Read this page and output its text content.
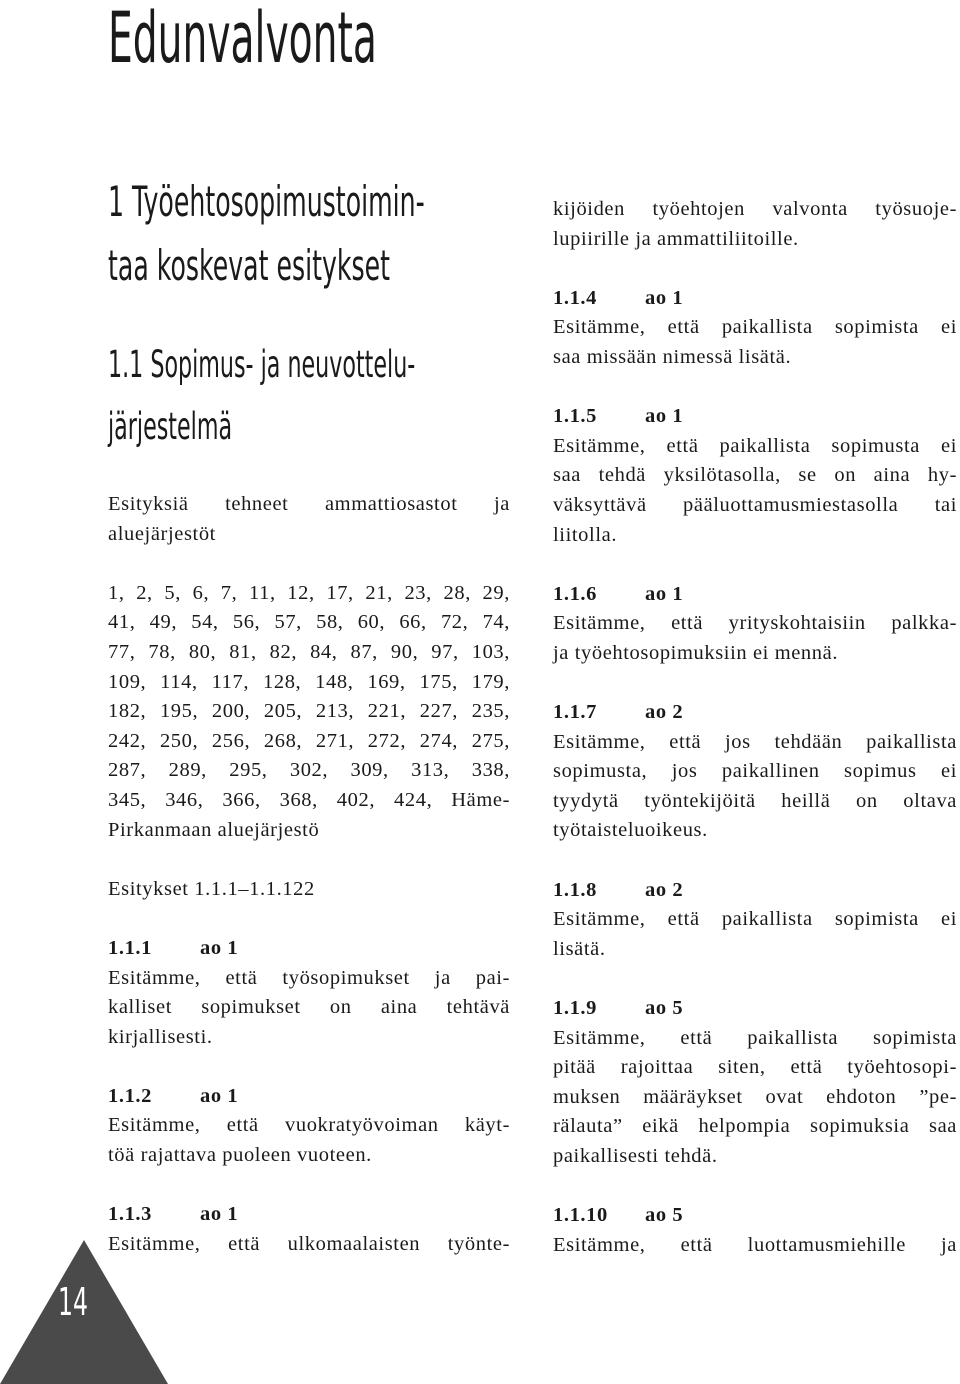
Edunvalvonta
1 Työehtosopimustoimin-
taa koskevat esitykset
1.1 Sopimus- ja neuvottelu-
järjestelmä
Esityksiä tehneet ammattiosastot ja
aluejärjestöt
1, 2, 5, 6, 7, 11, 12, 17, 21, 23, 28, 29,
41, 49, 54, 56, 57, 58, 60, 66, 72, 74,
77, 78, 80, 81, 82, 84, 87, 90, 97, 103,
109, 114, 117, 128, 148, 169, 175, 179,
182, 195, 200, 205, 213, 221, 227, 235,
242, 250, 256, 268, 271, 272, 274, 275,
287, 289, 295, 302, 309, 313, 338,
345, 346, 366, 368, 402, 424, Häme-
Pirkanmaan aluejärjestö
Esitykset 1.1.1–1.1.122
1.1.1 ao 1
Esitämme, että työsopimukset ja pai-
kalliset sopimukset on aina tehtävä
kirjallisesti.
1.1.2 ao 1
Esitämme, että vuokratyövoiman käyt-
töä rajattava puoleen vuoteen.
1.1.3 ao 1
Esitämme, että ulkomaalaisten työnte-
kijöiden työehtojen valvonta työsuoje-
lupiirille ja ammattiliitoille.
1.1.4 ao 1
Esitämme, että paikallista sopimista ei
saa missään nimessä lisätä.
1.1.5 ao 1
Esitämme, että paikallista sopimusta ei
saa tehdä yksilötasolla, se on aina hy-
väksyttävä pääluottamusmiestasolla tai
liitolla.
1.1.6 ao 1
Esitämme, että yrityskohtaisiin palkka-
ja työehtosopimuksiin ei mennä.
1.1.7 ao 2
Esitämme, että jos tehdään paikallista
sopimusta, jos paikallinen sopimus ei
tyydytä työntekijöitä heillä on oltava
työtaisteluoikeus.
1.1.8 ao 2
Esitämme, että paikallista sopimista ei
lisätä.
1.1.9 ao 5
Esitämme, että paikallista sopimista
pitää rajoittaa siten, että työehtosopi-
muksen määräykset ovat ehdoton ”pe-
rälauta” eikä helpompia sopimuksia saa
paikallisesti tehdä.
1.1.10 ao 5
Esitämme, että luottamusmiehille ja
14
